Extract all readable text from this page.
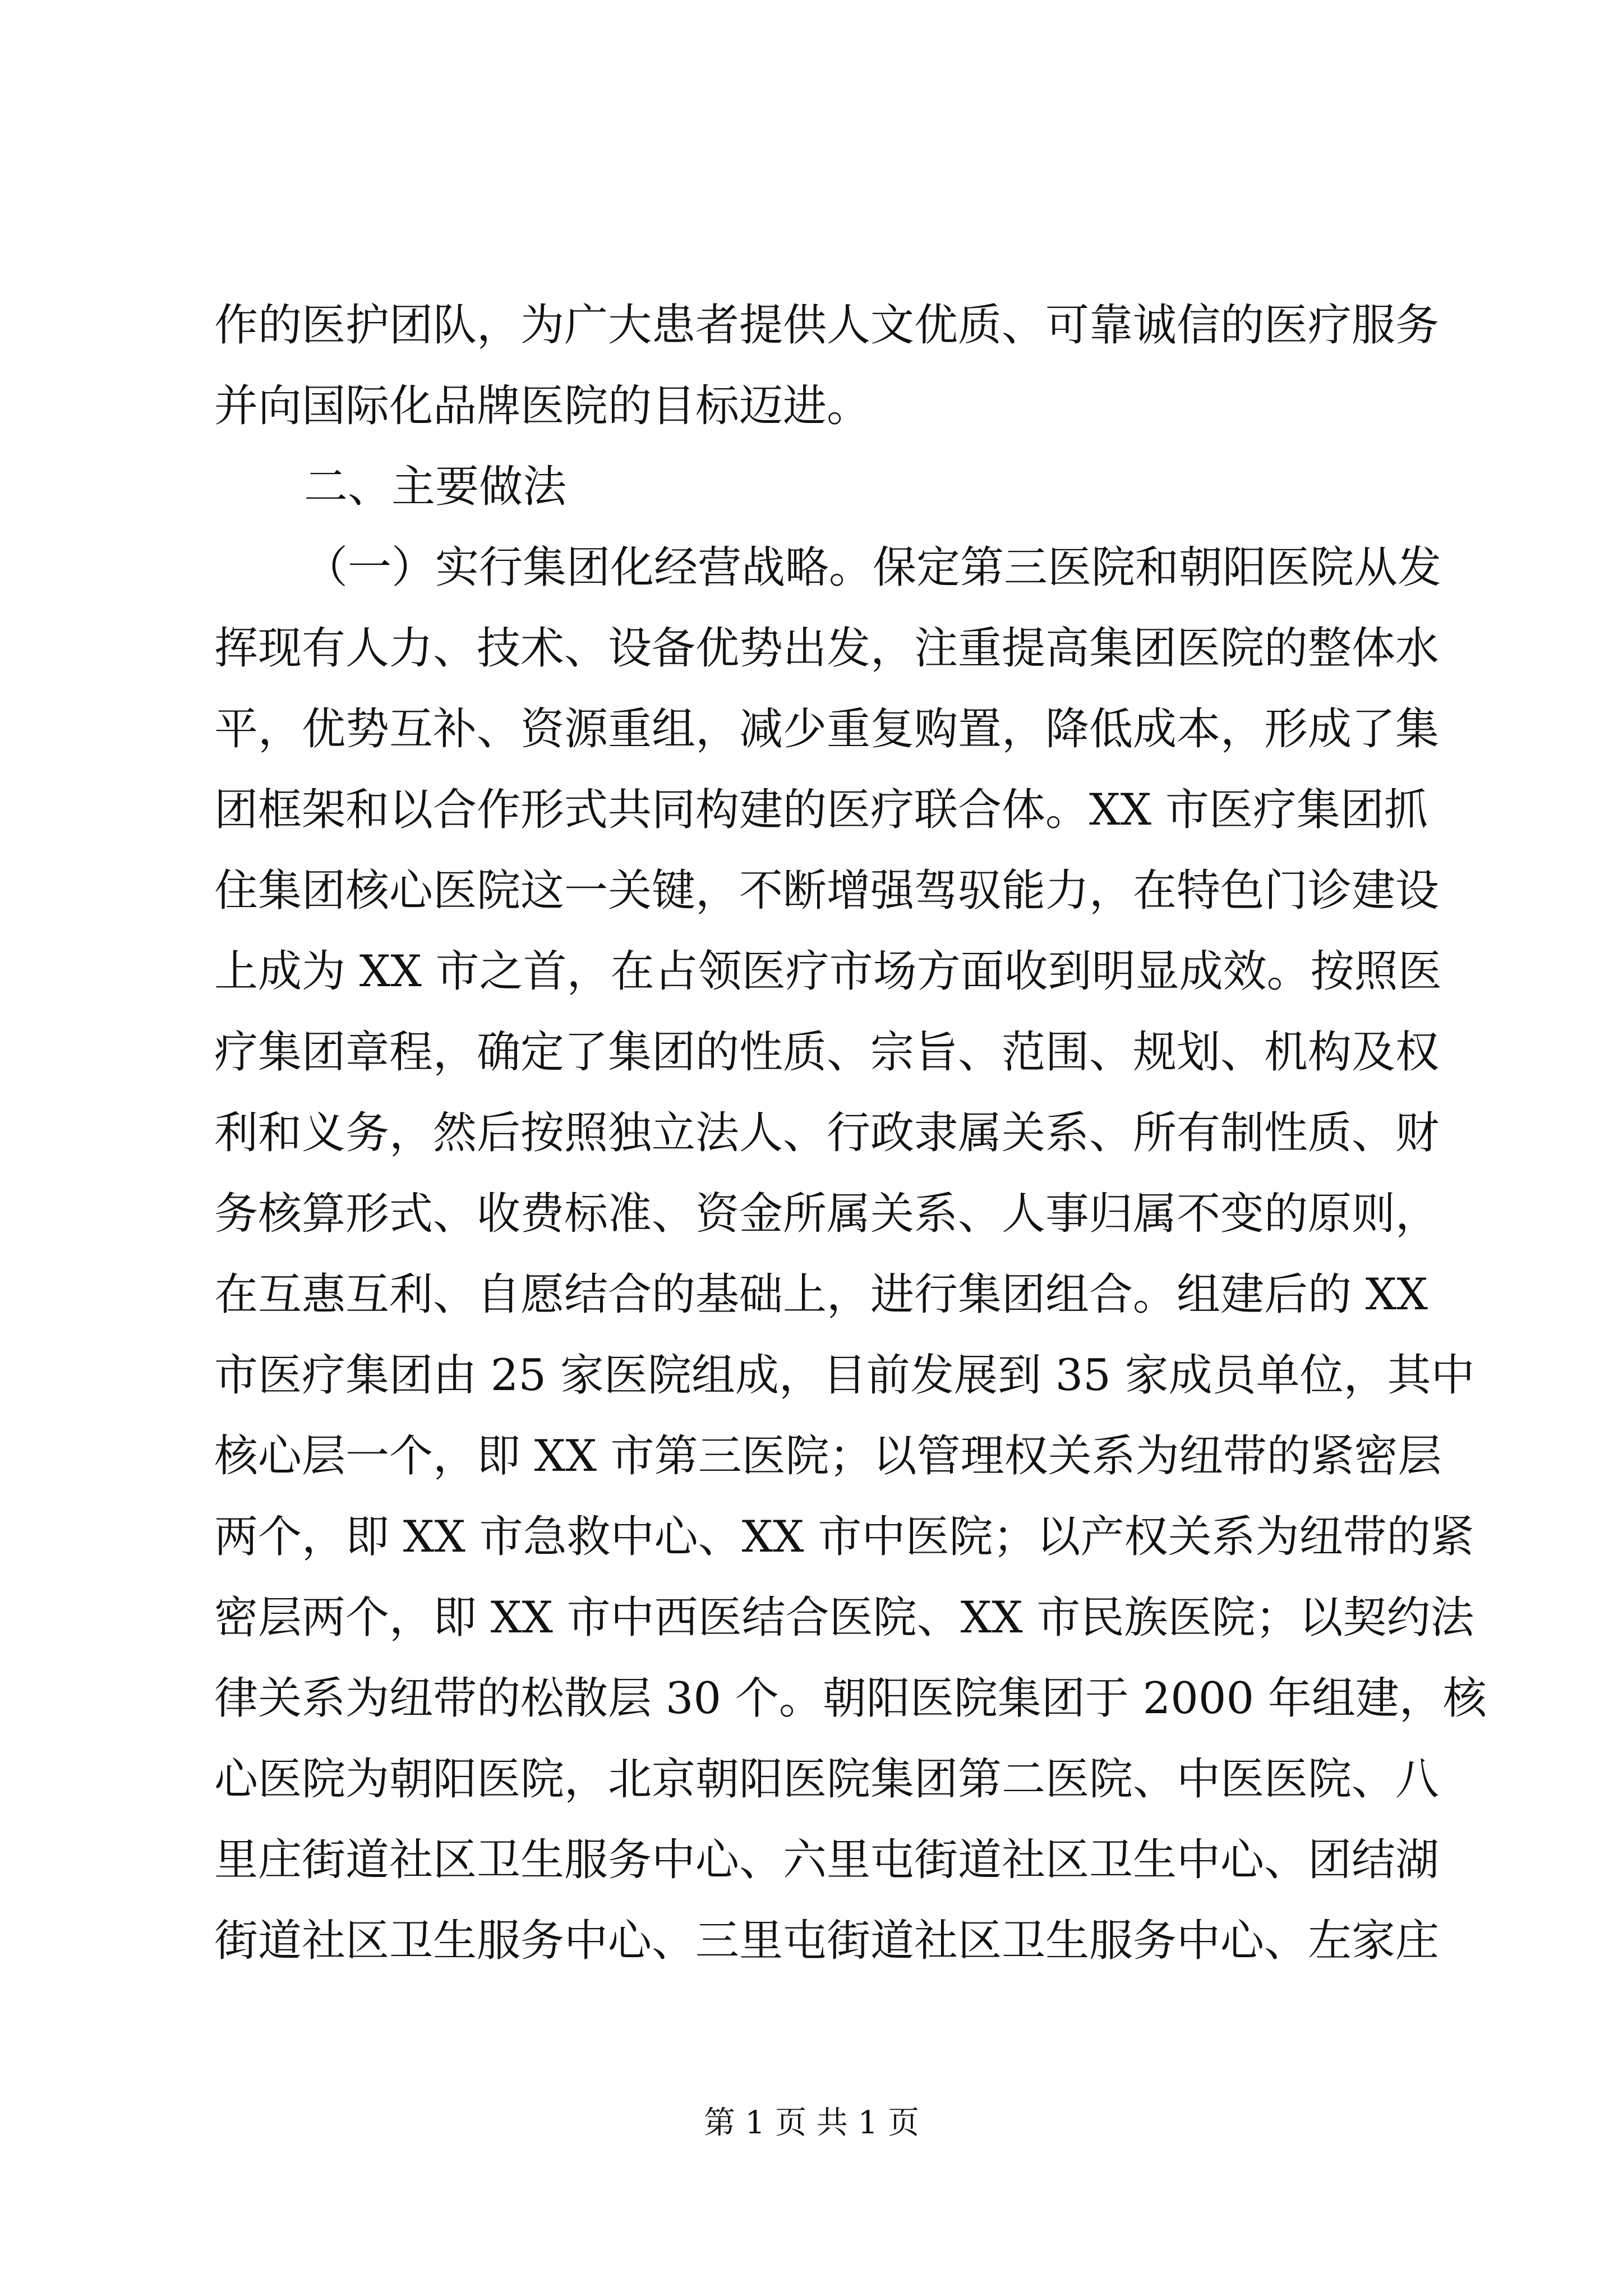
作的医护团队，为广大患者提供人文优质、可靠诚信的医疗服务
并向国际化品牌医院的目标迈进。
二、主要做法
（一）实行集团化经营战略。保定第三医院和朝阳医院从发
挥现有人力、技术、设备优势出发，注重提高集团医院的整体水
平，优势互补、资源重组，减少重复购置，降低成本，形成了集
团框架和以合作形式共同构建的医疗联合体。XX 市医疗集团抓
住集团核心医院这一关键，不断增强驾驭能力，在特色门诊建设
上成为 XX 市之首，在占领医疗市场方面收到明显成效。按照医
疗集团章程，确定了集团的性质、宗旨、范围、规划、机构及权
利和义务，然后按照独立法人、行政隶属关系、所有制性质、财
务核算形式、收费标准、资金所属关系、人事归属不变的原则，
在互惠互利、自愿结合的基础上，进行集团组合。组建后的 XX
市医疗集团由 25 家医院组成，目前发展到 35 家成员单位，其中
核心层一个，即 XX 市第三医院；以管理权关系为纽带的紧密层
两个，即 XX 市急救中心、XX 市中医院；以产权关系为纽带的紧
密层两个，即 XX 市中西医结合医院、XX 市民族医院；以契约法
律关系为纽带的松散层 30 个。朝阳医院集团于 2000 年组建，核
心医院为朝阳医院，北京朝阳医院集团第二医院、中医医院、八
里庄街道社区卫生服务中心、六里屯街道社区卫生中心、团结湖
街道社区卫生服务中心、三里屯街道社区卫生服务中心、左家庄
第 1 页 共 1 页
